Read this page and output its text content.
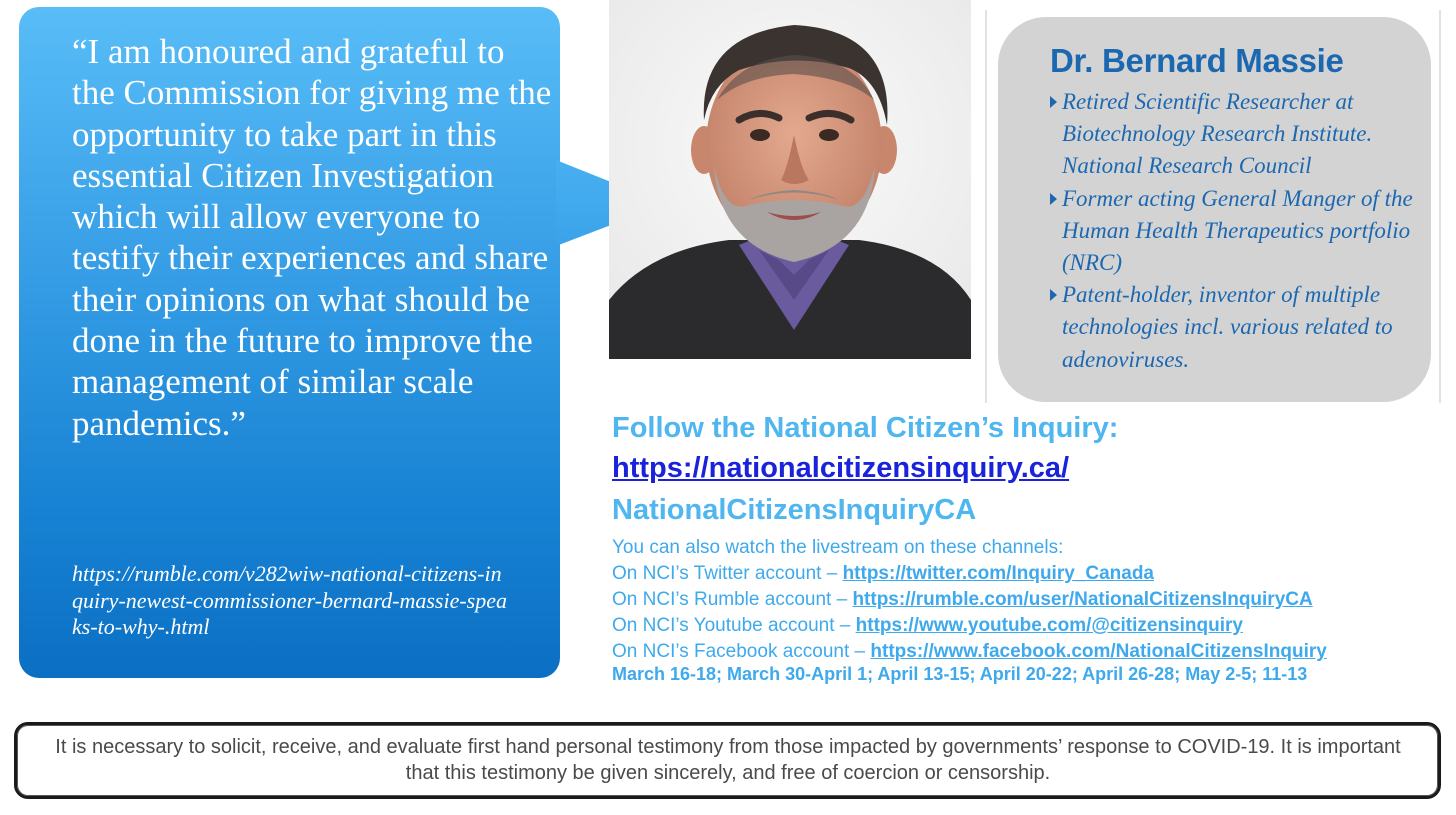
“I am honoured and grateful to the Commission for giving me the opportunity to take part in this essential Citizen Investigation which will allow everyone to testify their experiences and share their opinions on what should be done in the future to improve the management of similar scale pandemics.”

https://rumble.com/v282wiw-national-citizens-inquiry-newest-commissioner-bernard-massie-speaks-to-why-.html

Dr. Bernard Massie
Retired Scientific Researcher at Biotechnology Research Institute. National Research Council
Former acting General Manger of the Human Health Therapeutics portfolio (NRC)
Patent-holder, inventor of multiple technologies incl. various related to adenoviruses.
Follow the National Citizen’s Inquiry:
https://nationalcitizensinquiry.ca/
NationalCitizensInquiryCA
You can also watch the livestream on these channels:
On NCI’s Twitter account – https://twitter.com/Inquiry_Canada
On NCI’s Rumble account – https://rumble.com/user/NationalCitizensInquiryCA
On NCI’s Youtube account – https://www.youtube.com/@citizensinquiry
On NCI’s Facebook account – https://www.facebook.com/NationalCitizensInquiry
March 16-18; March 30-April 1; April 13-15; April 20-22; April 26-28; May 2-5; 11-13

It is necessary to solicit, receive, and evaluate first hand personal testimony from those impacted by governments’ response to COVID-19. It is important that this testimony be given sincerely, and free of coercion or censorship.
